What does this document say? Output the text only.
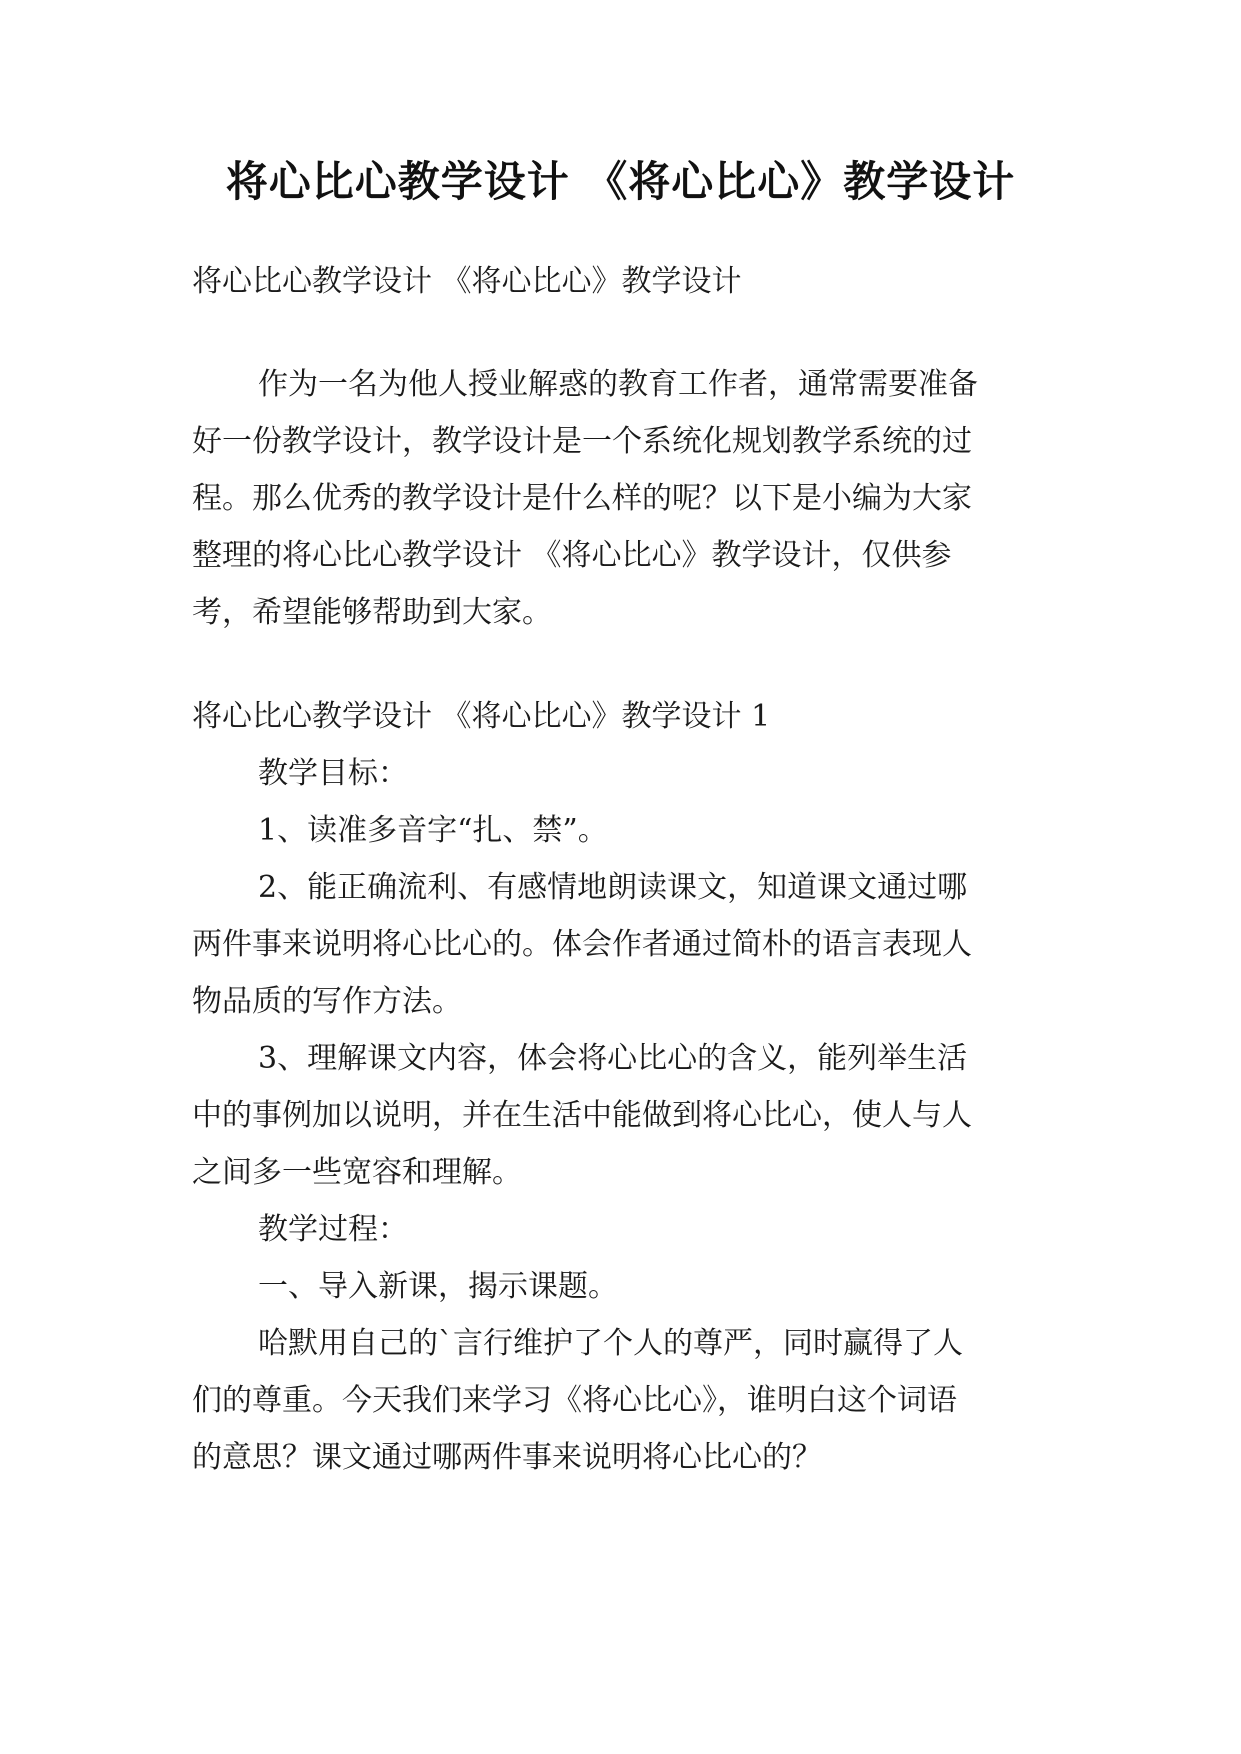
将心比心教学设计 《将心比心》教学设计
将心比心教学设计 《将心比心》教学设计
作为一名为他人授业解惑的教育工作者，通常需要准备
好一份教学设计，教学设计是一个系统化规划教学系统的过
程。那么优秀的教学设计是什么样的呢？以下是小编为大家
整理的将心比心教学设计 《将心比心》教学设计，仅供参
考，希望能够帮助到大家。
将心比心教学设计 《将心比心》教学设计 1
教学目标：
1、读准多音字“扎、禁”。
2、能正确流利、有感情地朗读课文，知道课文通过哪
两件事来说明将心比心的。体会作者通过简朴的语言表现人
物品质的写作方法。
3、理解课文内容，体会将心比心的含义，能列举生活
中的事例加以说明，并在生活中能做到将心比心，使人与人
之间多一些宽容和理解。
教学过程：
一、导入新课，揭示课题。
哈默用自己的`言行维护了个人的尊严，同时赢得了人
们的尊重。今天我们来学习《将心比心》，谁明白这个词语
的意思？课文通过哪两件事来说明将心比心的？
